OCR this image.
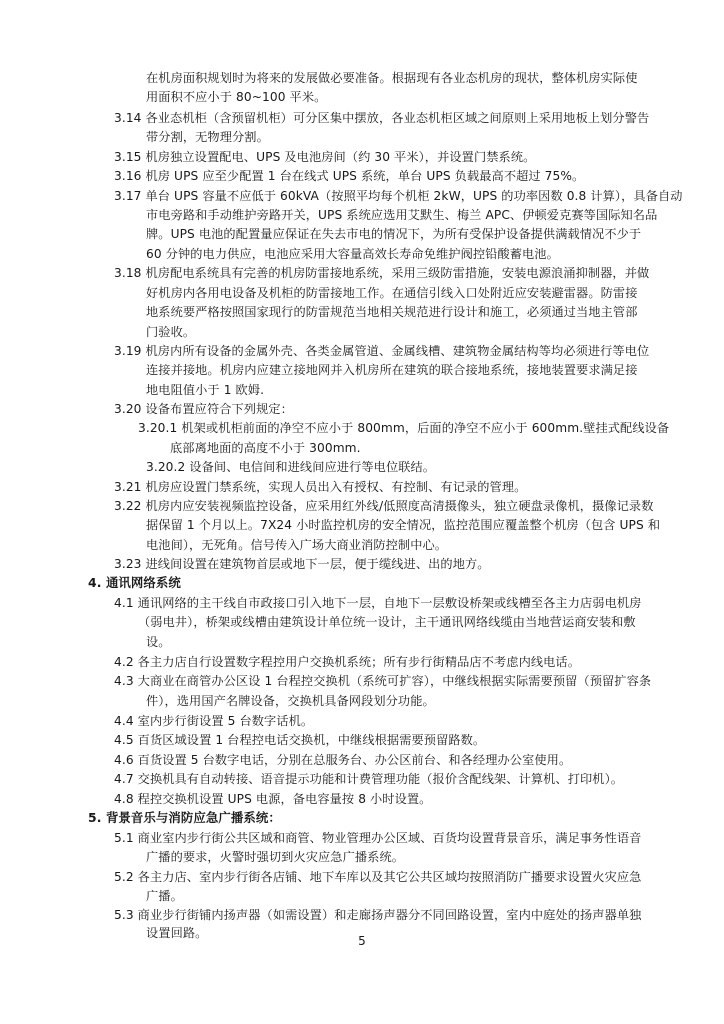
在机房面积规划时为将来的发展做必要准备。根据现有各业态机房的现状，整体机房实际使
用面积不应小于 80~100 平米。
3.14 各业态机柜（含预留机柜）可分区集中摆放，各业态机柜区域之间原则上采用地板上划分警告
带分割，无物理分割。
3.15 机房独立设置配电、UPS 及电池房间（约 30 平米），并设置门禁系统。
3.16 机房 UPS 应至少配置 1 台在线式 UPS 系统，单台 UPS 负载最高不超过 75%。
3.17 单台 UPS 容量不应低于 60kVA（按照平均每个机柜 2kW，UPS 的功率因数 0.8 计算），具备自动
市电旁路和手动维护旁路开关，UPS 系统应选用艾默生、梅兰 APC、伊顿爱克赛等国际知名品
牌。UPS 电池的配置量应保证在失去市电的情况下，为所有受保护设备提供满载情况不少于
60 分钟的电力供应，电池应采用大容量高效长寿命免维护阀控铅酸蓄电池。
3.18 机房配电系统具有完善的机房防雷接地系统，采用三级防雷措施，安装电源浪涌抑制器，并做
好机房内各用电设备及机柜的防雷接地工作。在通信引线入口处附近应安装避雷器。防雷接
地系统要严格按照国家现行的防雷规范当地相关规范进行设计和施工，必须通过当地主管部
门验收。
3.19 机房内所有设备的金属外壳、各类金属管道、金属线槽、建筑物金属结构等均必须进行等电位
连接并接地。机房内应建立接地网并入机房所在建筑的联合接地系统，接地装置要求满足接
地电阻值小于 1 欧姆.
3.20 设备布置应符合下列规定：
3.20.1 机架或机柜前面的净空不应小于 800mm，后面的净空不应小于 600mm.壁挂式配线设备
底部离地面的高度不小于 300mm.
3.20.2 设备间、电信间和进线间应进行等电位联结。
3.21 机房应设置门禁系统，实现人员出入有授权、有控制、有记录的管理。
3.22 机房内应安装视频监控设备，应采用红外线/低照度高清摄像头，独立硬盘录像机，摄像记录数
据保留 1 个月以上。7X24 小时监控机房的安全情况，监控范围应覆盖整个机房（包含 UPS 和
电池间），无死角。信号传入广场大商业消防控制中心。
3.23 进线间设置在建筑物首层或地下一层，便于缆线进、出的地方。
4. 通讯网络系统
4.1 通讯网络的主干线自市政接口引入地下一层，自地下一层敷设桥架或线槽至各主力店弱电机房
（弱电井），桥架或线槽由建筑设计单位统一设计，主干通讯网络线缆由当地营运商安装和敷
设。
4.2 各主力店自行设置数字程控用户交换机系统；所有步行街精品店不考虑内线电话。
4.3 大商业在商管办公区设 1 台程控交换机（系统可扩容），中继线根据实际需要预留（预留扩容条
件），选用国产名牌设备，交换机具备网段划分功能。
4.4 室内步行街设置 5 台数字话机。
4.5 百货区域设置 1 台程控电话交换机，中继线根据需要预留路数。
4.6 百货设置 5 台数字电话，分别在总服务台、办公区前台、和各经理办公室使用。
4.7 交换机具有自动转接、语音提示功能和计费管理功能（报价含配线架、计算机、打印机）。
4.8 程控交换机设置 UPS 电源，备电容量按 8 小时设置。
5. 背景音乐与消防应急广播系统：
5.1 商业室内步行街公共区域和商管、物业管理办公区域、百货均设置背景音乐，满足事务性语音
广播的要求，火警时强切到火灾应急广播系统。
5.2 各主力店、室内步行街各店铺、地下车库以及其它公共区域均按照消防广播要求设置火灾应急
广播。
5.3 商业步行街铺内扬声器（如需设置）和走廊扬声器分不同回路设置，室内中庭处的扬声器单独
设置回路。
5
